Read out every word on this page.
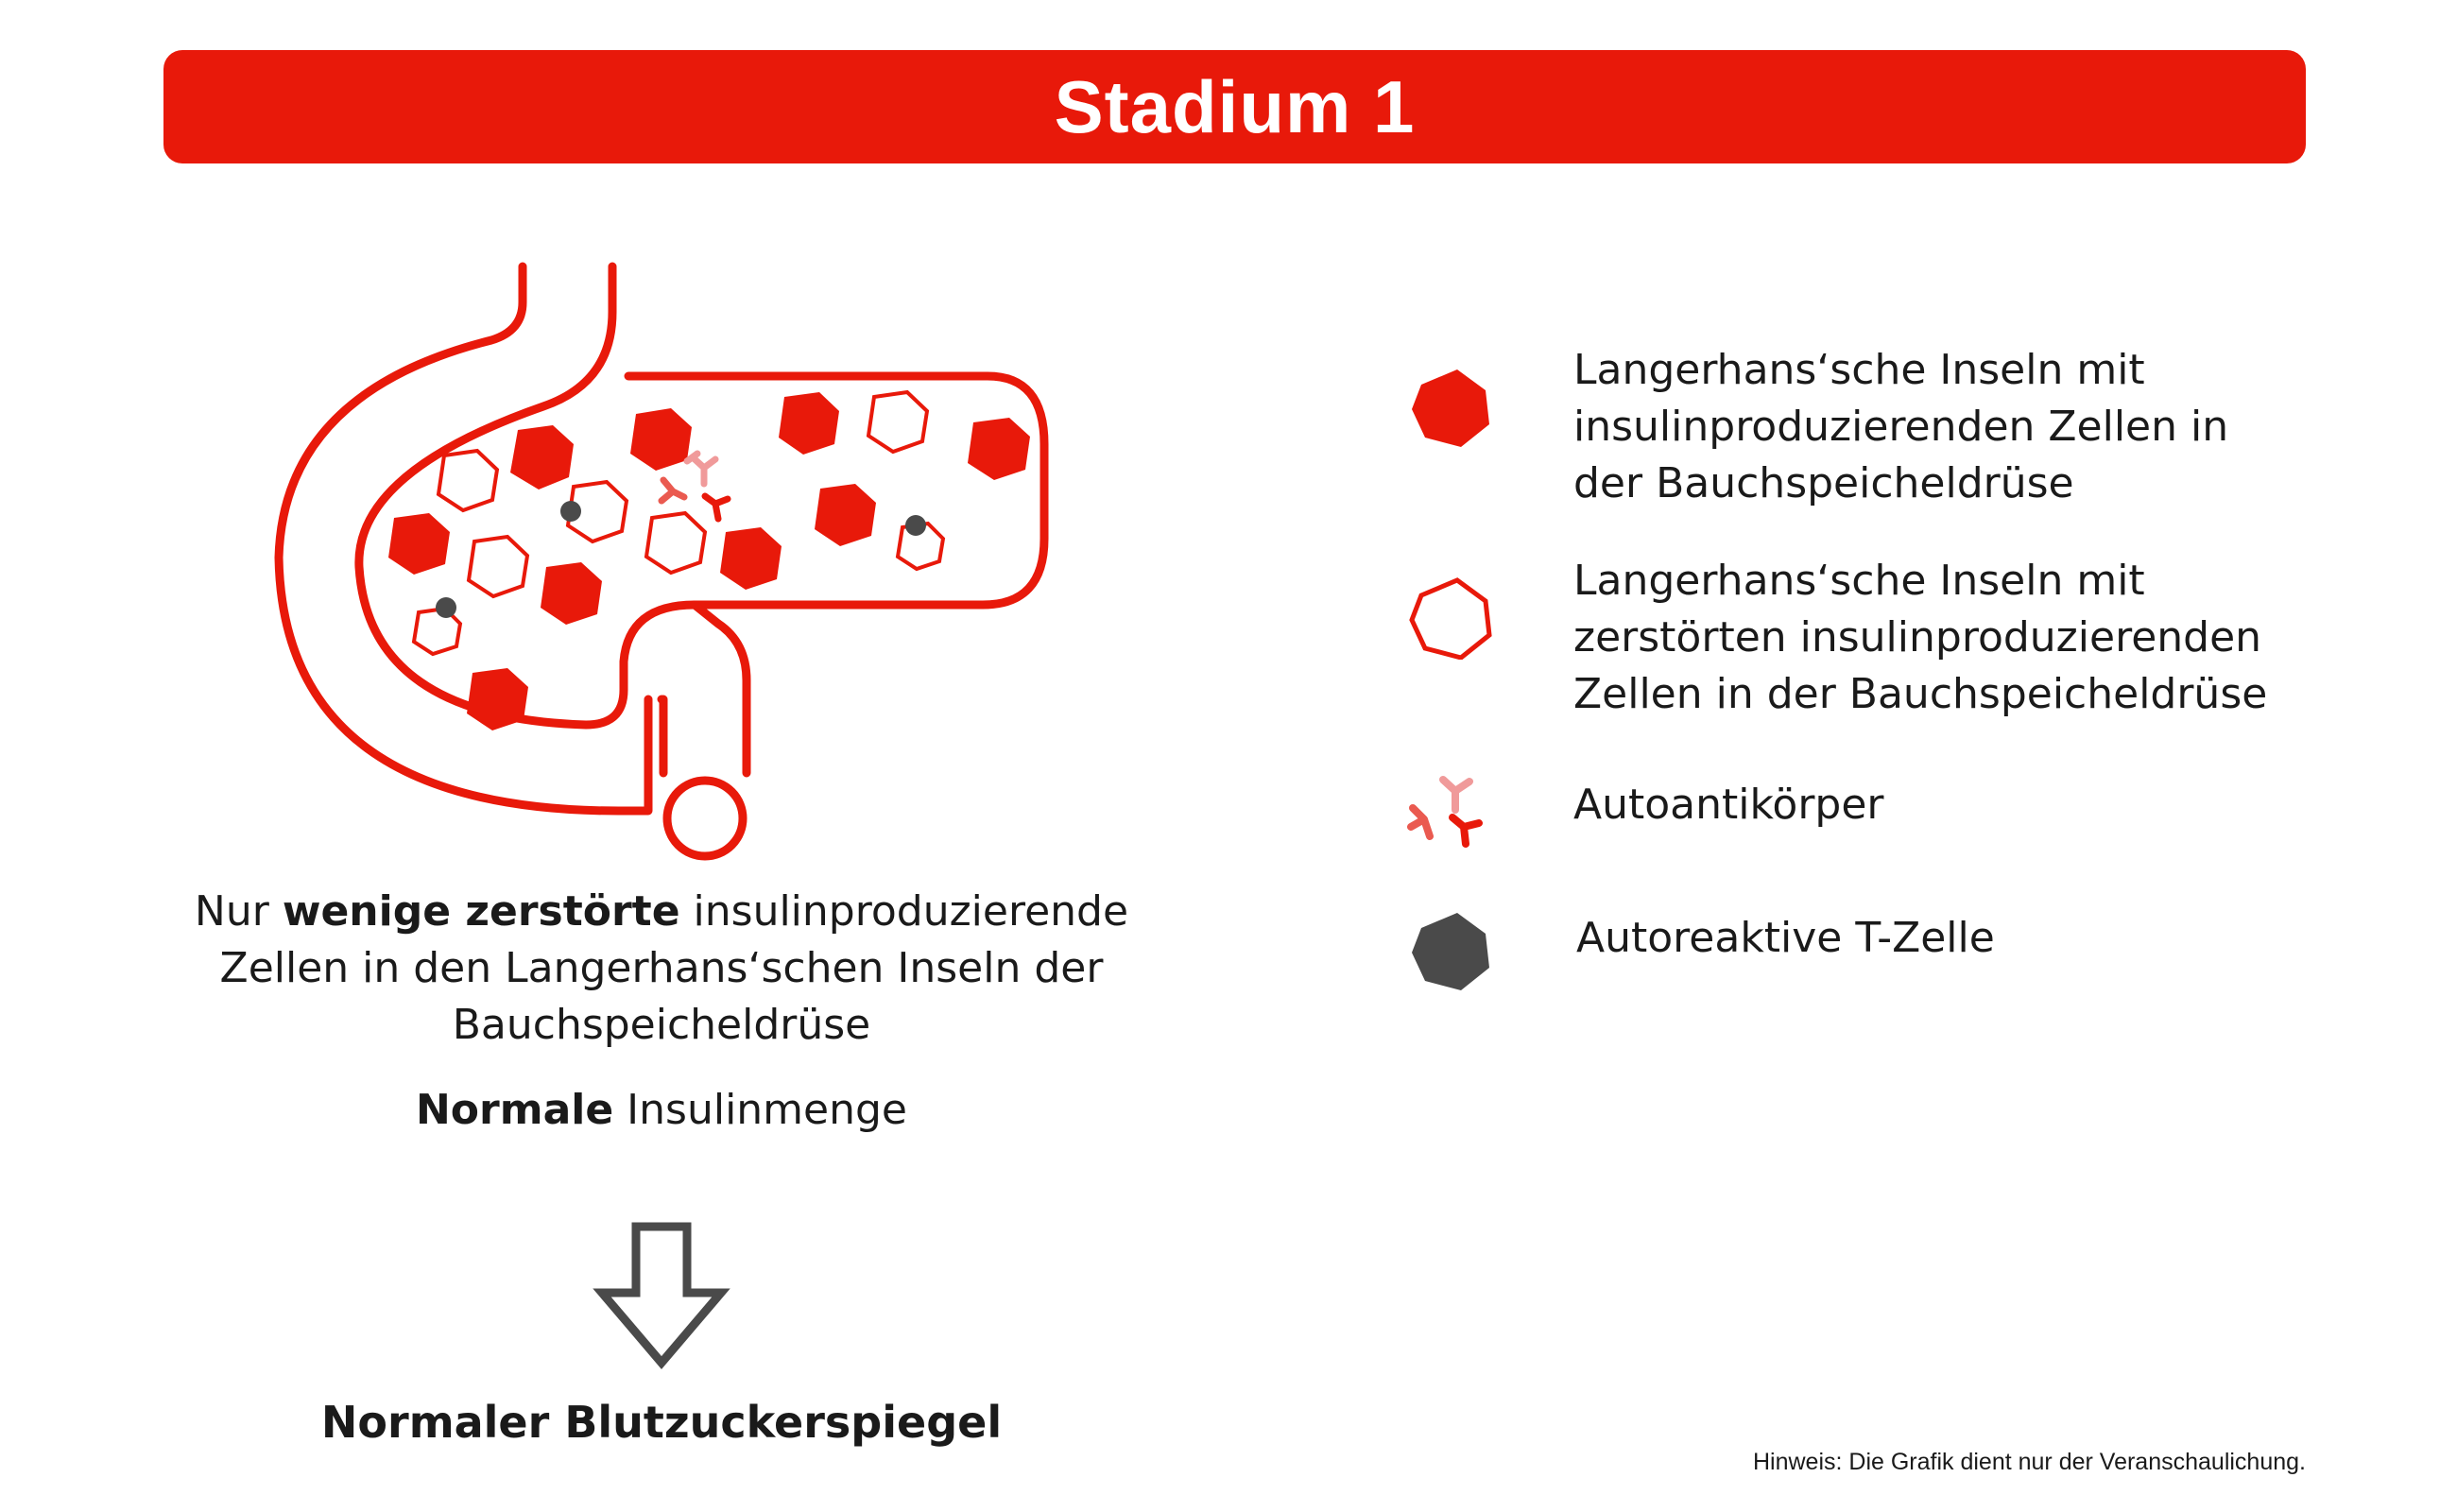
Stadium 1
Nur wenige zerstörte insulinproduzierende
Zellen in den Langerhans‘schen Inseln der
Bauchspeicheldrüse
Normale Insulinmenge
Normaler Blutzuckerspiegel
Langerhans‘sche Inseln mit
insulinproduzierenden Zellen in
der Bauchspeicheldrüse
Langerhans‘sche Inseln mit
zerstörten insulinproduzierenden
Zellen in der Bauchspeicheldrüse
Autoantikörper
Autoreaktive T-Zelle
Hinweis: Die Grafik dient nur der Veranschaulichung.
